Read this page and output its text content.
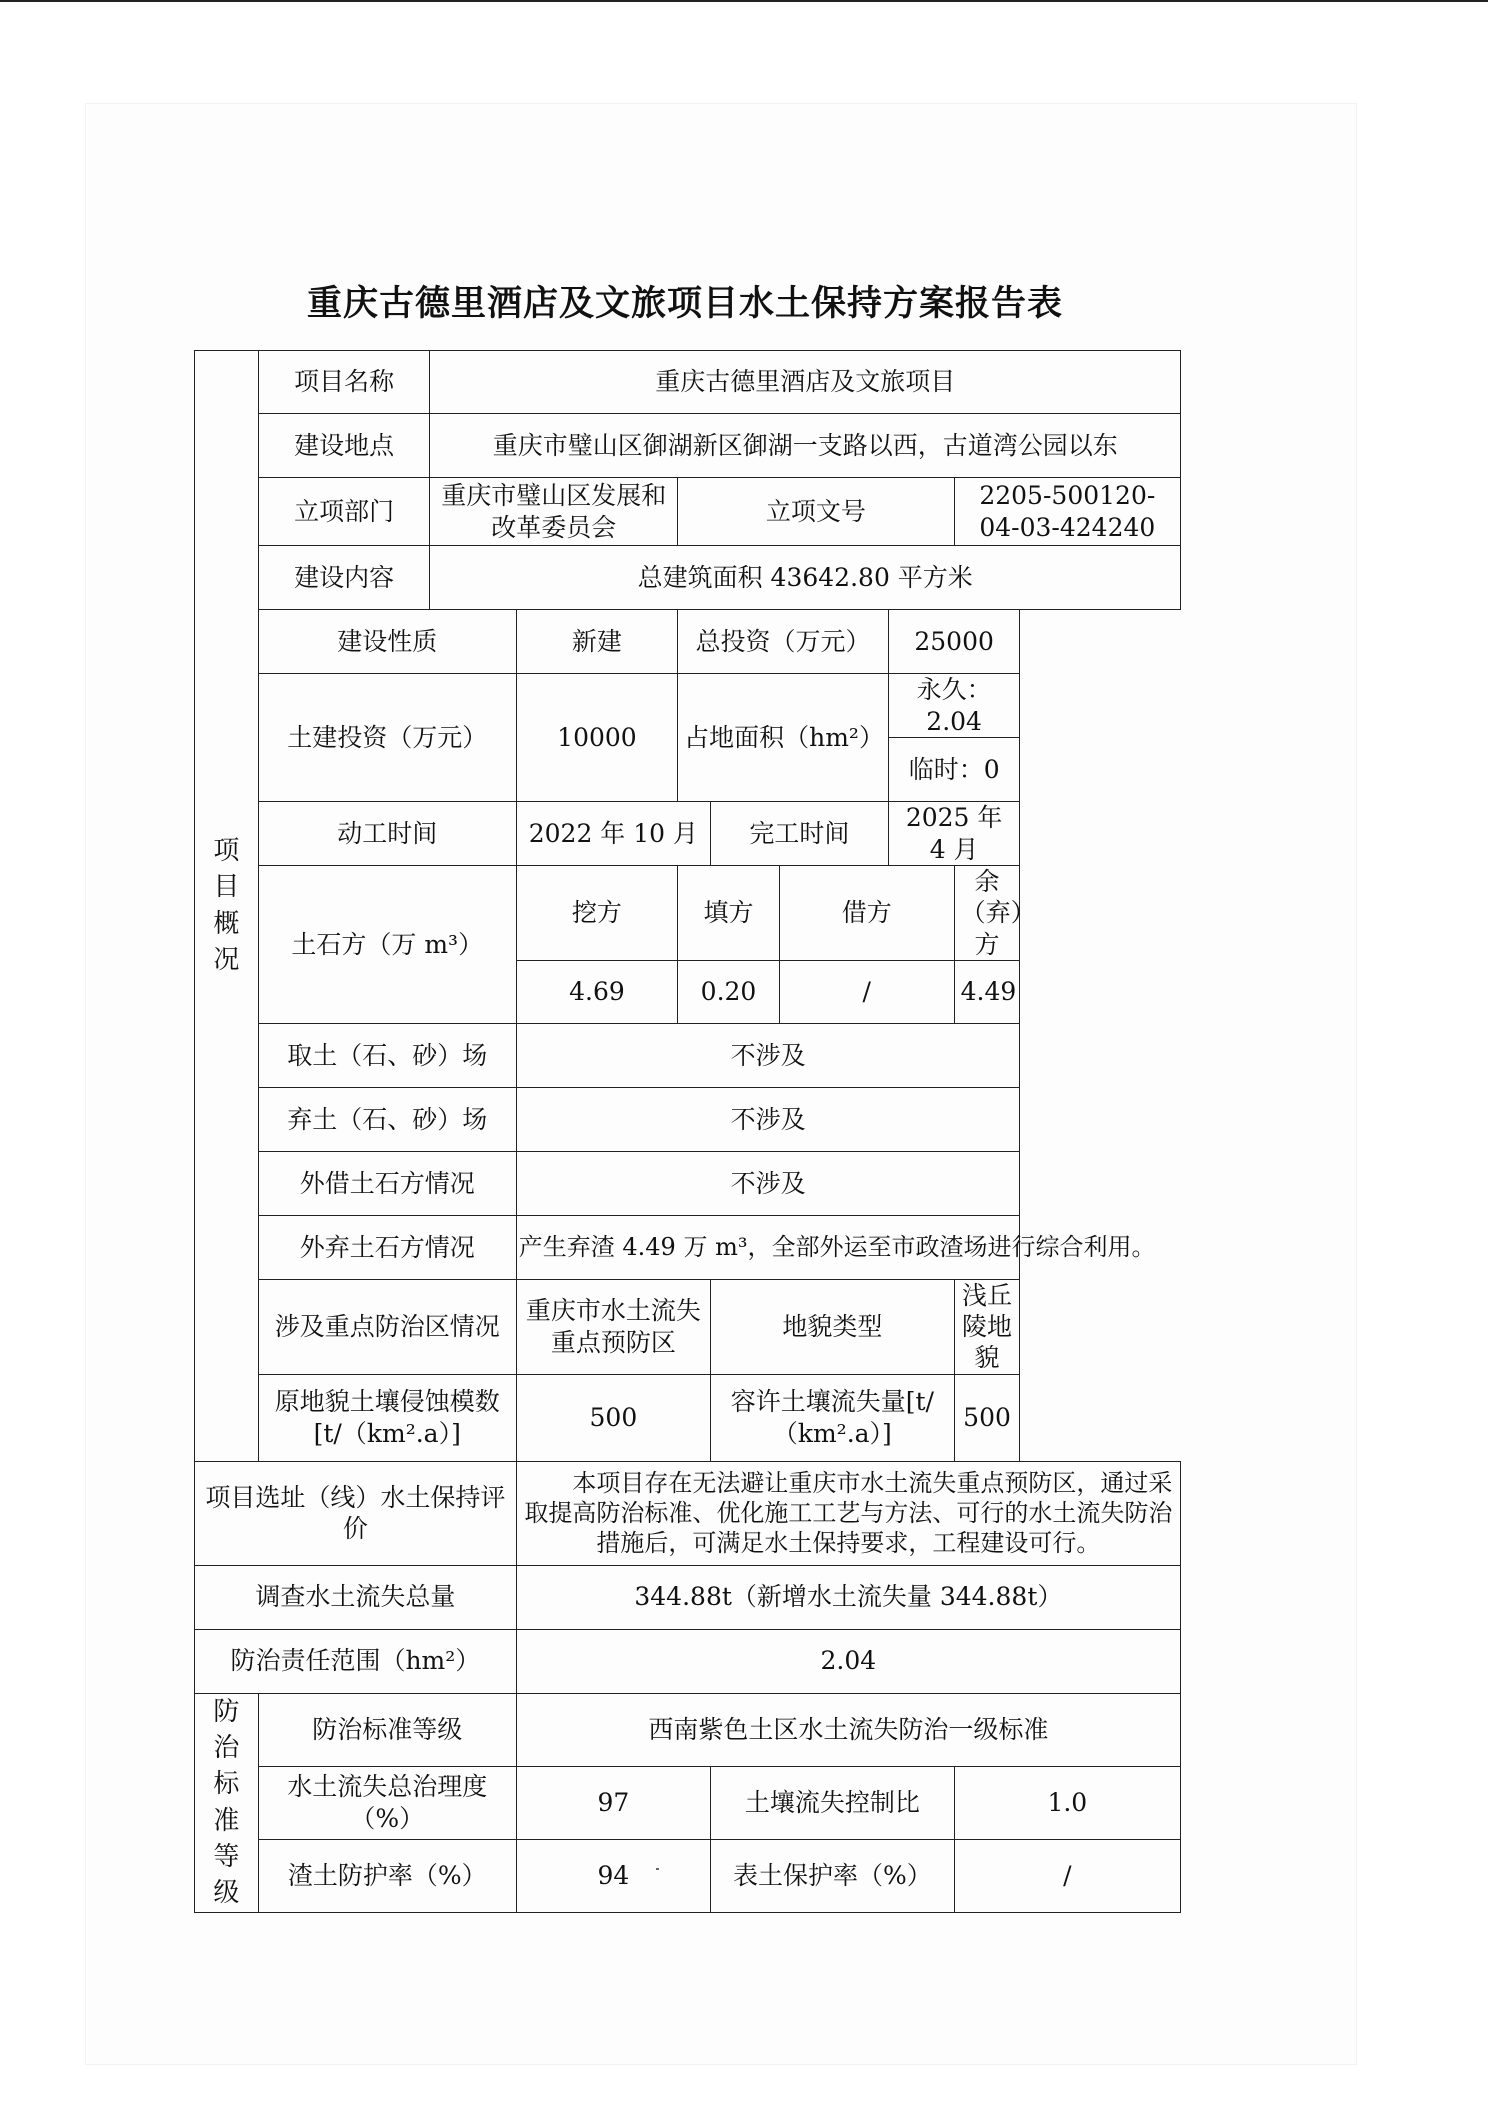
重庆古德里酒店及文旅项目水土保持方案报告表
项目概况	项目名称	重庆古德里酒店及文旅项目						
	建设地点	重庆市璧山区御湖新区御湖一支路以西，古道湾公园以东						
	立项部门	重庆市璧山区发展和改革委员会		立项文号				2205-500120-04-03-424240
	建设内容	总建筑面积 43642.80 平方米						
	建设性质		新建	总投资（万元）			25000	
	土建投资（万元）		10000	占地面积（hm²）			永久：2.04	
							临时：0	
	动工时间		2022 年 10 月		完工时间		2025 年 4 月	
	土石方（万 m³）		挖方	填方		借方		余（弃）方
			4.69	0.20		/		4.49
	取土（石、砂）场		不涉及					
	弃土（石、砂）场		不涉及					
	外借土石方情况		不涉及					
	外弃土石方情况		产生弃渣 4.49 万 m³，全部外运至市政渣场进行综合利用。					
	涉及重点防治区情况		重庆市水土流失重点预防区		地貌类型			浅丘陵地貌
	原地貌土壤侵蚀模数[t/（km².a）]		500		容许土壤流失量[t/（km².a）]			500

项目选址（线）水土保持评价			本项目存在无法避让重庆市水土流失重点预防区，通过采取提高防治标准、优化施工工艺与方法、可行的水土流失防治措施后，可满足水土保持要求，工程建设可行。					
调查水土流失总量			344.88t（新增水土流失量 344.88t）					
防治责任范围（hm²）			2.04					
防治标准等级	防治标准等级		西南紫色土区水土流失防治一级标准					
	水土流失总治理度（%）		97		土壤流失控制比			1.0
	渣土防护率（%）		94		表土保护率（%）			/
